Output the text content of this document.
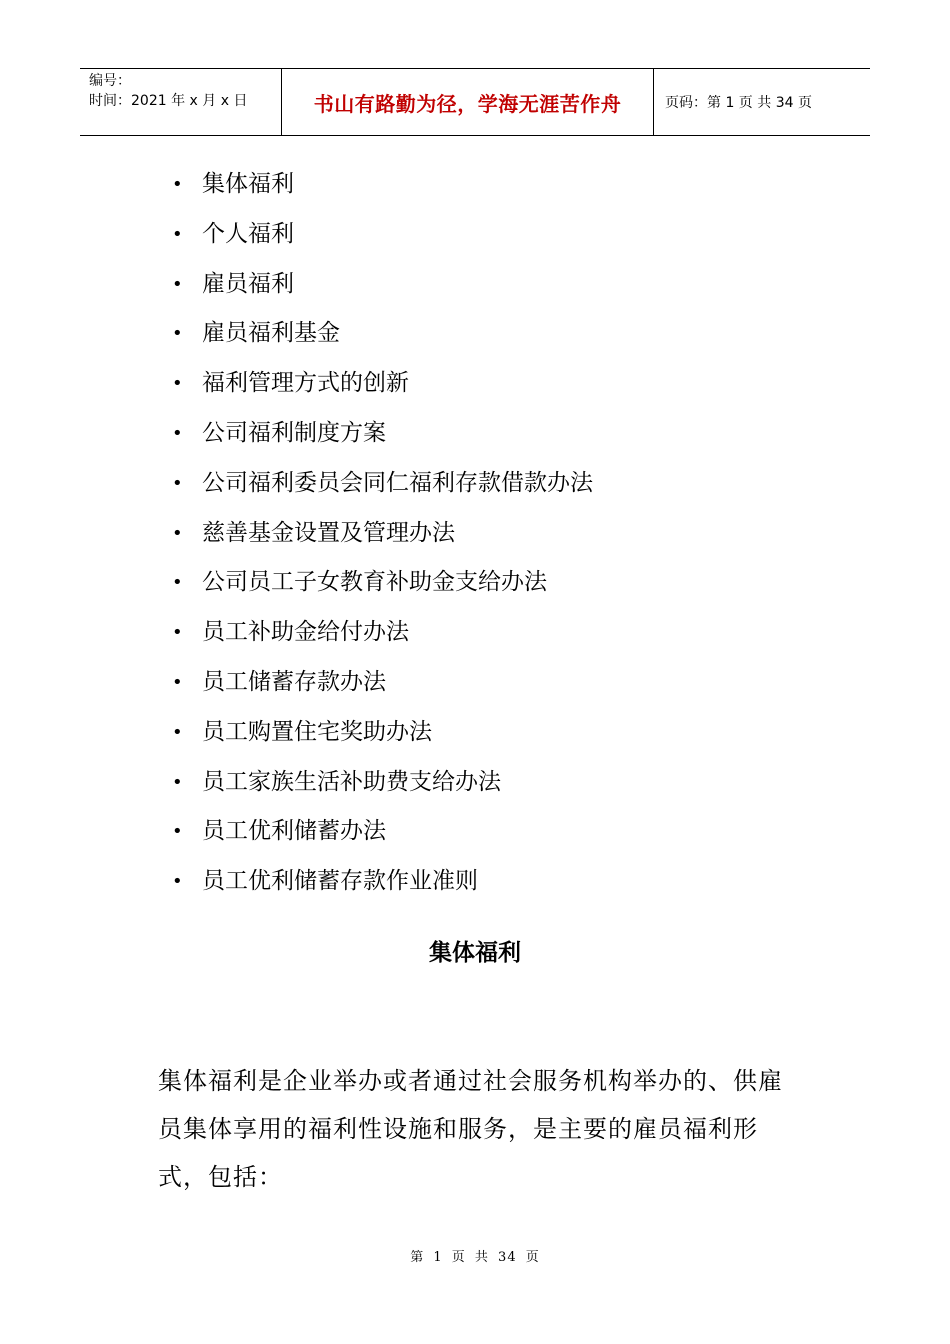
编号：
时间：2021 年 x 月 x 日	书山有路勤为径，学海无涯苦作舟	页码：第 1 页 共 34 页
• 集体福利
• 个人福利
• 雇员福利
• 雇员福利基金
• 福利管理方式的创新
• 公司福利制度方案
• 公司福利委员会同仁福利存款借款办法
• 慈善基金设置及管理办法
• 公司员工子女教育补助金支给办法
• 员工补助金给付办法
• 员工储蓄存款办法
• 员工购置住宅奖助办法
• 员工家族生活补助费支给办法
• 员工优利储蓄办法
• 员工优利储蓄存款作业准则
集体福利

集体福利是企业举办或者通过社会服务机构举办的、供雇员集体享用的福利性设施和服务，是主要的雇员福利形式，包括：

第 1 页 共 34 页
